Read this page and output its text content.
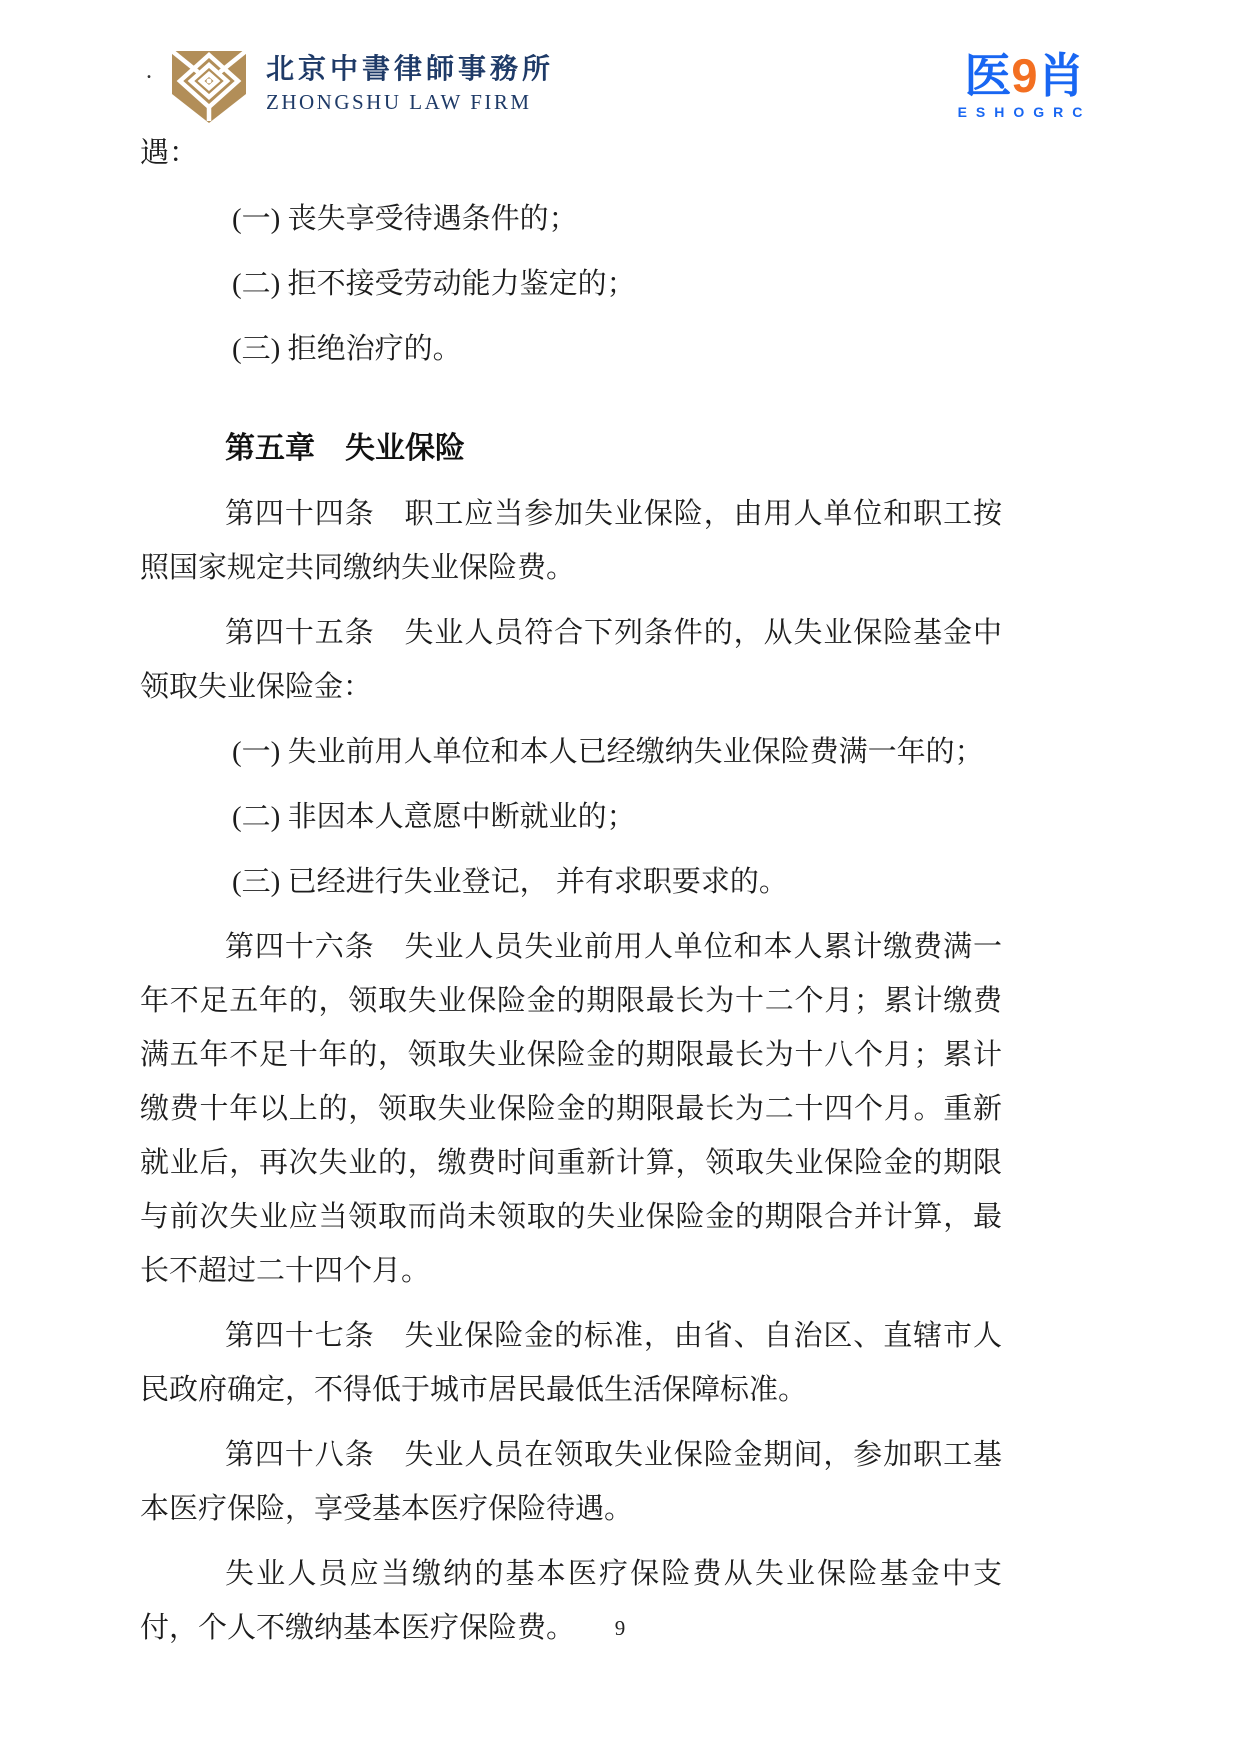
.	北京中書律師事務所
ZHONGSHU LAW FIRM	医9肖
ESHOGRC

遇：

(一) 丧失享受待遇条件的；

(二) 拒不接受劳动能力鉴定的；

(三) 拒绝治疗的。

第五章　失业保险

第四十四条　职工应当参加失业保险，由用人单位和职工按照国家规定共同缴纳失业保险费。

第四十五条　失业人员符合下列条件的，从失业保险基金中领取失业保险金：

(一) 失业前用人单位和本人已经缴纳失业保险费满一年的；

(二) 非因本人意愿中断就业的；

(三) 已经进行失业登记， 并有求职要求的。

第四十六条　失业人员失业前用人单位和本人累计缴费满一年不足五年的，领取失业保险金的期限最长为十二个月；累计缴费满五年不足十年的，领取失业保险金的期限最长为十八个月；累计缴费十年以上的，领取失业保险金的期限最长为二十四个月。重新就业后，再次失业的，缴费时间重新计算，领取失业保险金的期限与前次失业应当领取而尚未领取的失业保险金的期限合并计算，最长不超过二十四个月。

第四十七条　失业保险金的标准，由省、自治区、直辖市人民政府确定，不得低于城市居民最低生活保障标准。

第四十八条　失业人员在领取失业保险金期间，参加职工基本医疗保险，享受基本医疗保险待遇。

失业人员应当缴纳的基本医疗保险费从失业保险基金中支付，个人不缴纳基本医疗保险费。	9
